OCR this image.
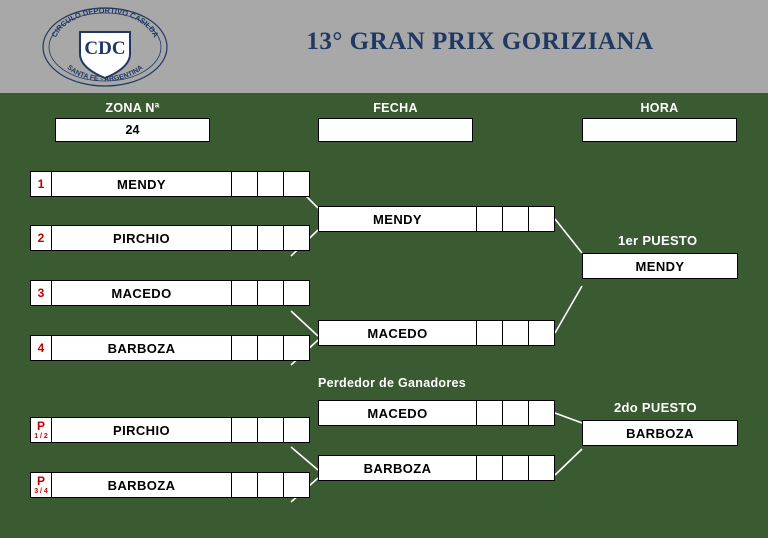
CDC
CIRCULO DEPORTIVO CASILDA
SANTA FE - ARGENTINA
13° GRAN PRIX GORIZIANA
ZONA Nª	FECHA	HORA
24
1	MENDY
2	PIRCHIO
3	MACEDO
4	BARBOZA
P
1 / 2	PIRCHIO
P
3 / 4	BARBOZA
MENDY
MACEDO
Perdedor de Ganadores
MACEDO
BARBOZA
1er PUESTO
MENDY
2do PUESTO
BARBOZA
